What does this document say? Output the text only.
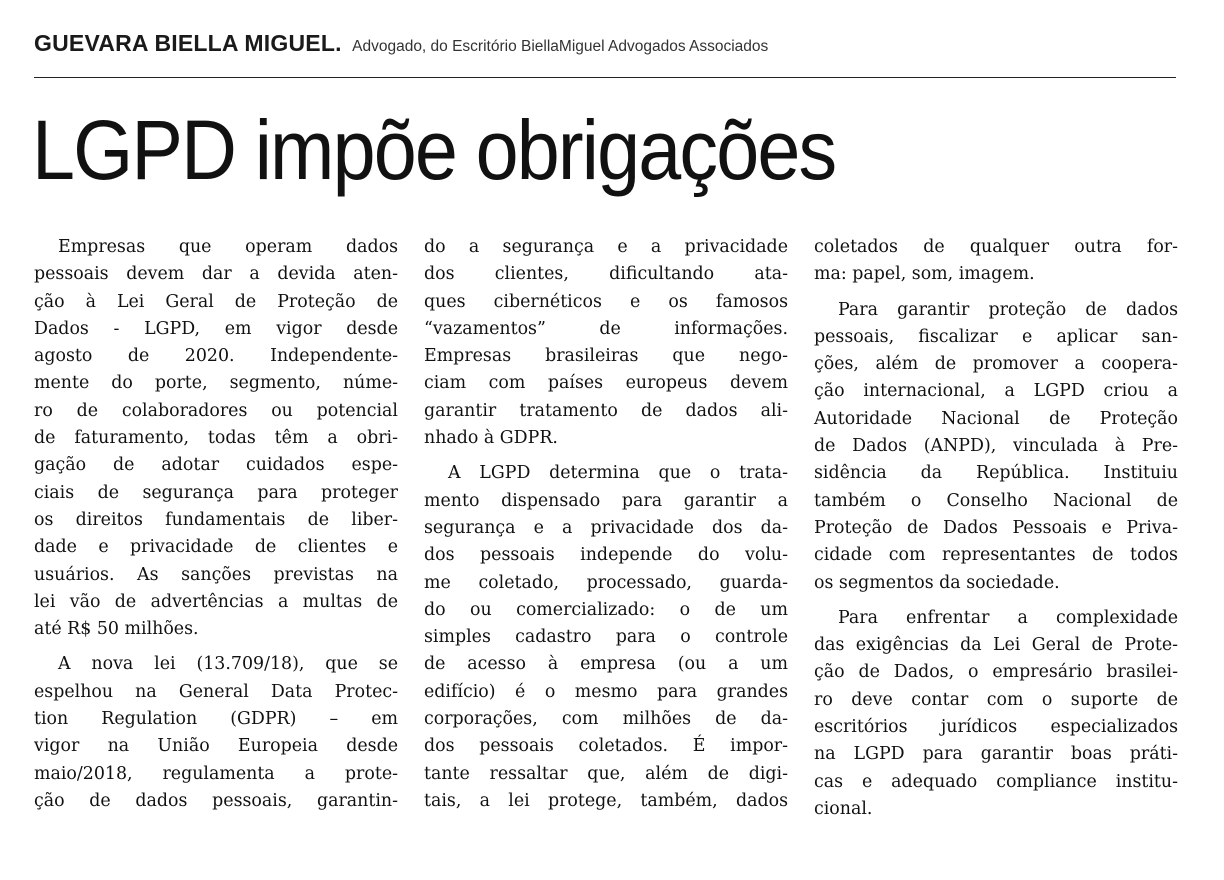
GUEVARA BIELLA MIGUEL. Advogado, do Escritório BiellaMiguel Advogados Associados
LGPD impõe obrigações
Empresas que operam dados
pessoais devem dar a devida aten-
ção à Lei Geral de Proteção de
Dados - LGPD, em vigor desde
agosto de 2020. Independente-
mente do porte, segmento, núme-
ro de colaboradores ou potencial
de faturamento, todas têm a obri-
gação de adotar cuidados espe-
ciais de segurança para proteger
os direitos fundamentais de liber-
dade e privacidade de clientes e
usuários. As sanções previstas na
lei vão de advertências a multas de
até R$ 50 milhões.
A nova lei (13.709/18), que se
espelhou na General Data Protec-
tion Regulation (GDPR) – em
vigor na União Europeia desde
maio/2018, regulamenta a prote-
ção de dados pessoais, garantin-
do a segurança e a privacidade
dos clientes, dificultando ata-
ques cibernéticos e os famosos
“vazamentos” de informações.
Empresas brasileiras que nego-
ciam com países europeus devem
garantir tratamento de dados ali-
nhado à GDPR.
A LGPD determina que o trata-
mento dispensado para garantir a
segurança e a privacidade dos da-
dos pessoais independe do volu-
me coletado, processado, guarda-
do ou comercializado: o de um
simples cadastro para o controle
de acesso à empresa (ou a um
edifício) é o mesmo para grandes
corporações, com milhões de da-
dos pessoais coletados. É impor-
tante ressaltar que, além de digi-
tais, a lei protege, também, dados
coletados de qualquer outra for-
ma: papel, som, imagem.
Para garantir proteção de dados
pessoais, fiscalizar e aplicar san-
ções, além de promover a coopera-
ção internacional, a LGPD criou a
Autoridade Nacional de Proteção
de Dados (ANPD), vinculada à Pre-
sidência da República. Instituiu
também o Conselho Nacional de
Proteção de Dados Pessoais e Priva-
cidade com representantes de todos
os segmentos da sociedade.
Para enfrentar a complexidade
das exigências da Lei Geral de Prote-
ção de Dados, o empresário brasilei-
ro deve contar com o suporte de
escritórios jurídicos especializados
na LGPD para garantir boas práti-
cas e adequado compliance institu-
cional.
